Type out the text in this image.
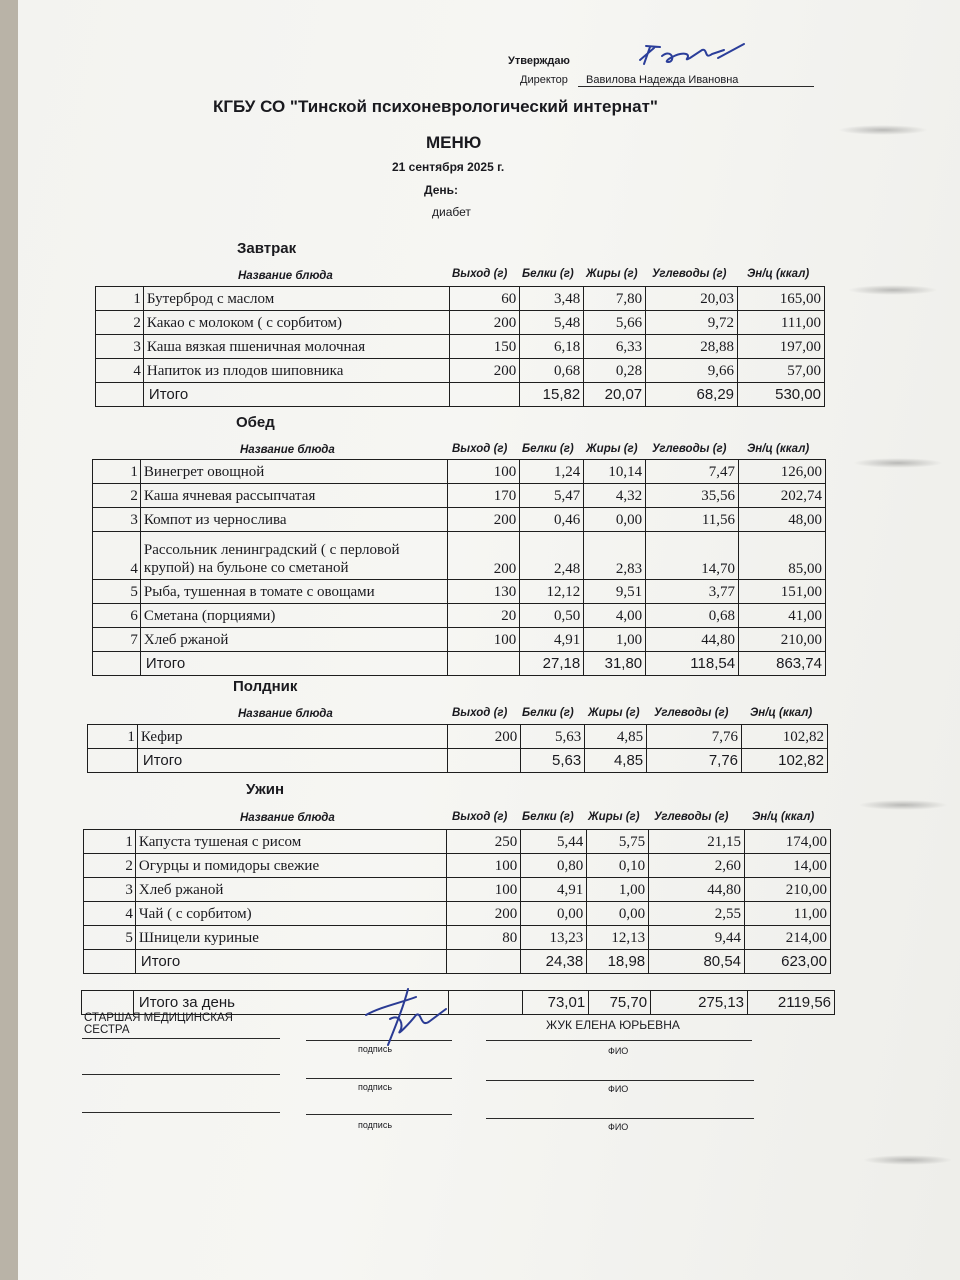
Утверждаю
Директор Вавилова Надежда Ивановна
КГБУ СО "Тинской психоневрологический интернат"
МЕНЮ
21 сентября 2025 г.
День:
диабет
Завтрак
Название блюда	Выход (г) Белки (г) Жиры (г) Углеводы (г) Эн/ц (ккал)
1	Бутерброд с маслом	60	3,48	7,80	20,03	165,00
2	Какао с молоком ( с сорбитом)	200	5,48	5,66	9,72	111,00
3	Каша вязкая пшеничная молочная	150	6,18	6,33	28,88	197,00
4	Напиток из плодов шиповника	200	0,68	0,28	9,66	57,00
	Итого		15,82	20,07	68,29	530,00
Обед
Название блюда	Выход (г) Белки (г) Жиры (г) Углеводы (г) Эн/ц (ккал)
1	Винегрет овощной	100	1,24	10,14	7,47	126,00
2	Каша ячневая рассыпчатая	170	5,47	4,32	35,56	202,74
3	Компот из чернослива	200	0,46	0,00	11,56	48,00
4	Рассольник ленинградский ( с перловой крупой) на бульоне со сметаной	200	2,48	2,83	14,70	85,00
5	Рыба, тушенная в томате с овощами	130	12,12	9,51	3,77	151,00
6	Сметана (порциями)	20	0,50	4,00	0,68	41,00
7	Хлеб ржаной	100	4,91	1,00	44,80	210,00
	Итого		27,18	31,80	118,54	863,74
Полдник
Название блюда	Выход (г) Белки (г) Жиры (г) Углеводы (г) Эн/ц (ккал)
1	Кефир	200	5,63	4,85	7,76	102,82
	Итого		5,63	4,85	7,76	102,82
Ужин
Название блюда	Выход (г) Белки (г) Жиры (г) Углеводы (г) Эн/ц (ккал)
1	Капуста тушеная с рисом	250	5,44	5,75	21,15	174,00
2	Огурцы и помидоры свежие	100	0,80	0,10	2,60	14,00
3	Хлеб ржаной	100	4,91	1,00	44,80	210,00
4	Чай ( с сорбитом)	200	0,00	0,00	2,55	11,00
5	Шницели куриные	80	13,23	12,13	9,44	214,00
	Итого		24,38	18,98	80,54	623,00
	Итого за день		73,01	75,70	275,13	2119,56
СТАРШАЯ МЕДИЦИНСКАЯ СЕСТРА	ЖУК ЕЛЕНА ЮРЬЕВНА
подпись	ФИО
подпись	ФИО
подпись	ФИО
